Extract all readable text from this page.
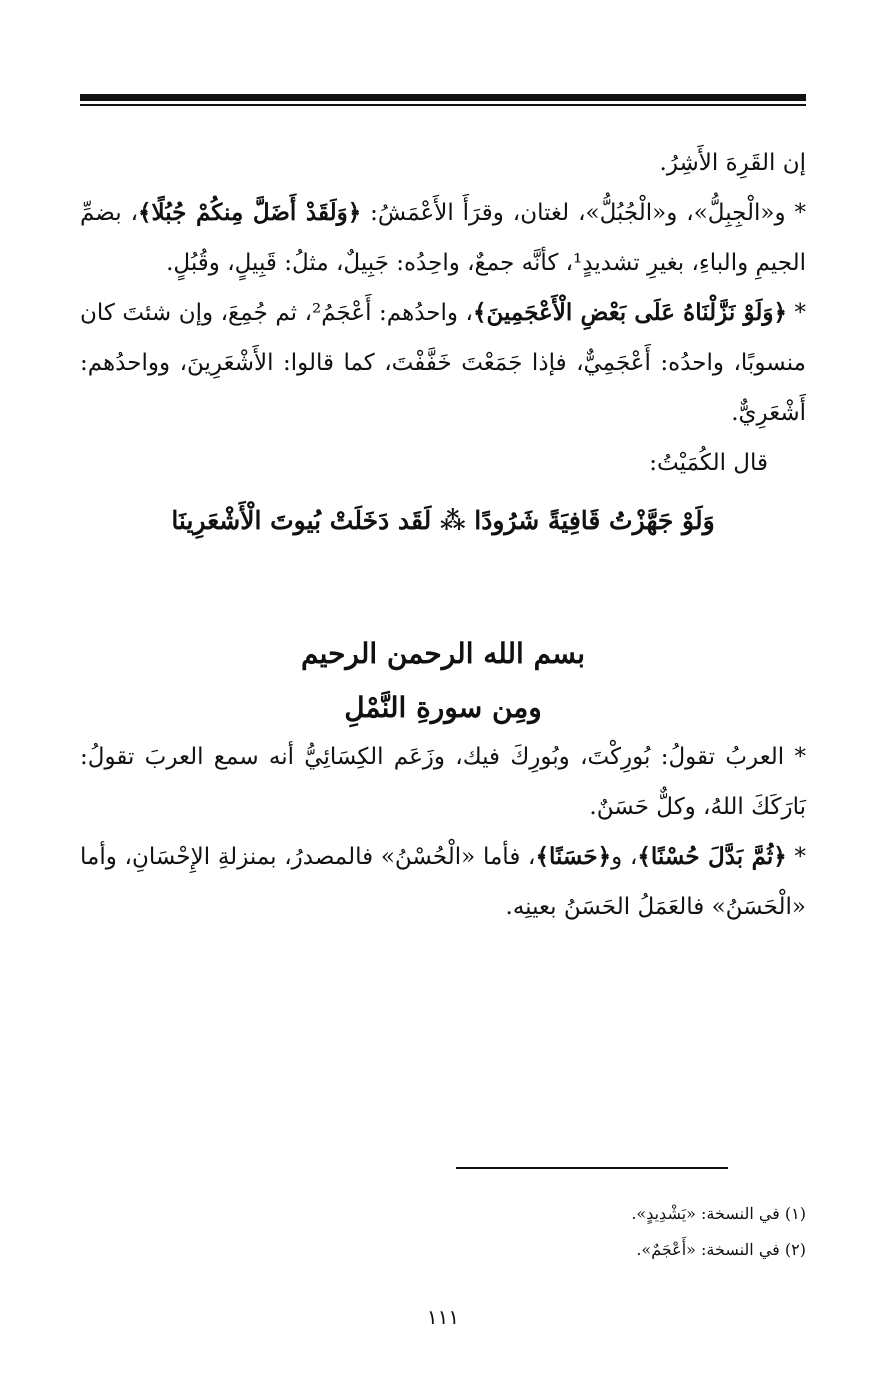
إن القَرِهَ الأَشِرُ.

* و«الْجِبِلُّ»، و«الْجُبُلُّ»، لغتان، وقرَأَ الأَعْمَشُ: ﴿وَلَقَدْ أَضَلَّ مِنكُمْ جُبُلًا﴾، بضمِّ الجيمِ والباءِ، بغيرِ تشديدٍ¹، كأنَّه جمعٌ، واحِدُه: جَبِيلٌ، مثلُ: قَبِيلٍ، وقُبُلٍ.

* ﴿وَلَوْ نَزَّلْنَاهُ عَلَى بَعْضِ الْأَعْجَمِينَ﴾، واحدُهم: أَعْجَمُ²، ثم جُمِعَ، وإن شئتَ كان منسوبًا، واحدُه: أَعْجَمِيٌّ، فإذا جَمَعْتَ خَفَّفْتَ، كما قالوا: الأَشْعَرِينَ، وواحدُهم: أَشْعَرِيٌّ.

قال الكُمَيْتُ:

وَلَوْ جَهَّزْتُ قَافِيَةً شَرُودًا ⁂ لَقَد دَخَلَتْ بُيوتَ الْأَشْعَرِينَا

بسم الله الرحمن الرحيم

ومِن سورةِ النَّمْلِ

* العربُ تقولُ: بُورِكْتَ، وبُورِكَ فيك، وزَعَم الكِسَائِيُّ أنه سمع العربَ تقولُ: بَارَكَكَ اللهُ، وكلٌّ حَسَنٌ.

* ﴿ثُمَّ بَدَّلَ حُسْنًا﴾، و﴿حَسَنًا﴾، فأما «الْحُسْنُ» فالمصدرُ، بمنزلةِ الإِحْسَانِ، وأما «الْحَسَنُ» فالعَمَلُ الحَسَنُ بعينِه.

(١) في النسخة: «يَشْدِيدٍ».

(٢) في النسخة: «أَعْجَمٌ».

١١١
